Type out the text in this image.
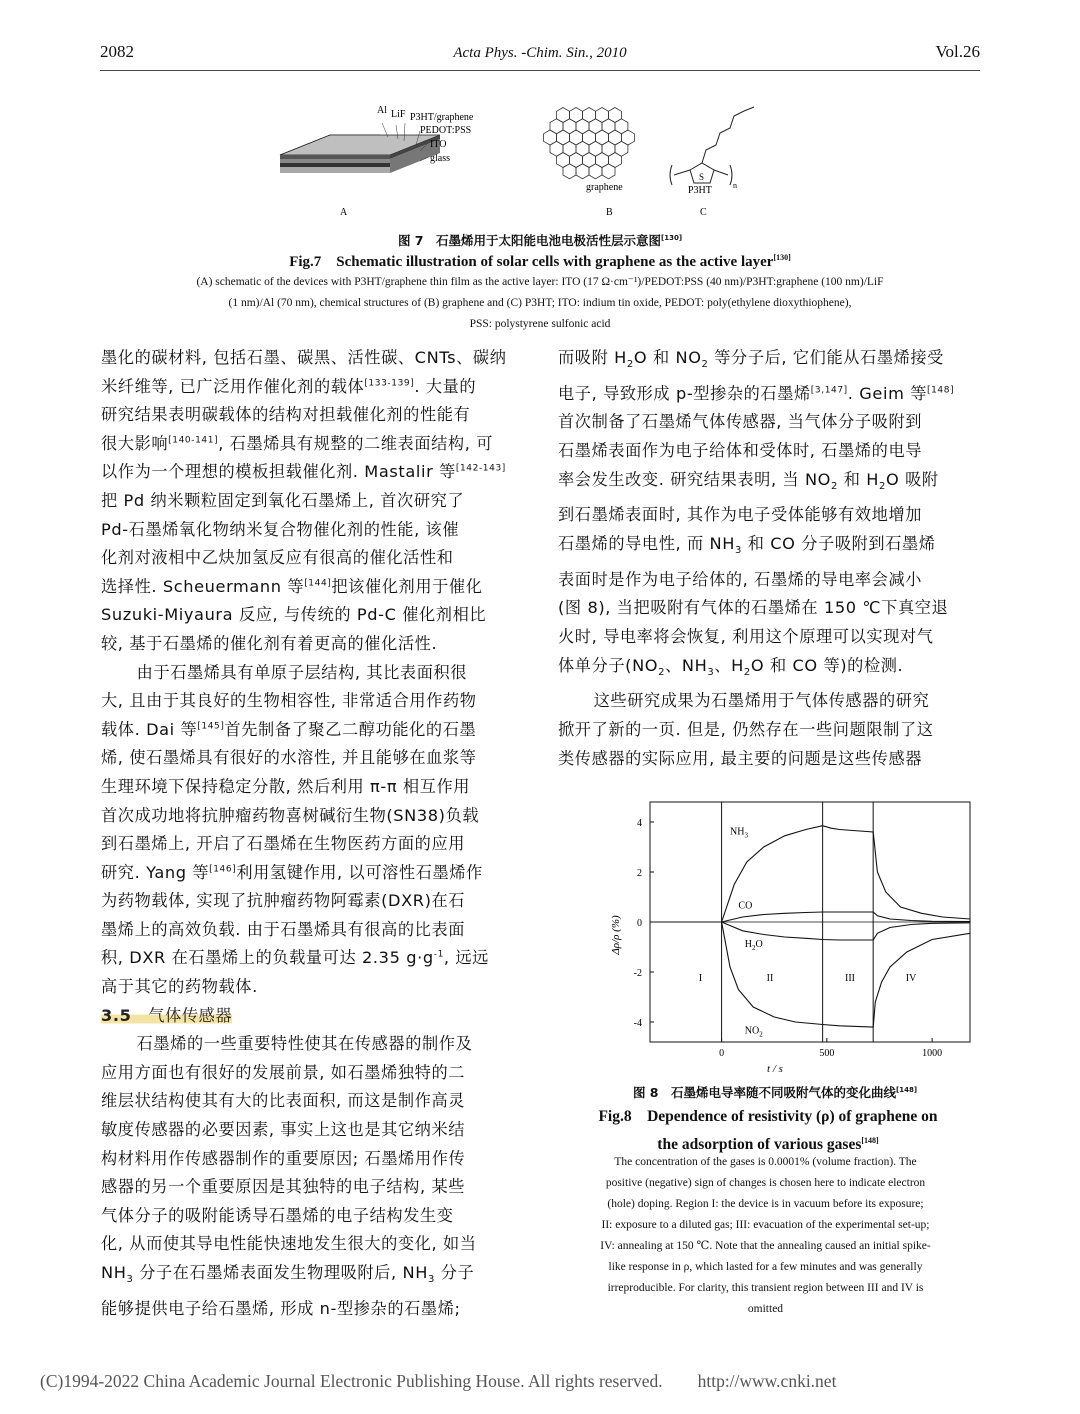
2082	Acta Phys. -Chim. Sin., 2010	Vol.26
Al LiF P3HT/graphene
PEDOT:PSS
ITO
glass
A
graphene
B
S
n
P3HT
C
图 7　石墨烯用于太阳能电池电极活性层示意图[130]
Fig.7　Schematic illustration of solar cells with graphene as the active layer[130]
(A) schematic of the devices with P3HT/graphene thin film as the active layer: ITO (17 Ω·cm⁻¹)/PEDOT:PSS (40 nm)/P3HT:graphene (100 nm)/LiF
(1 nm)/Al (70 nm), chemical structures of (B) graphene and (C) P3HT; ITO: indium tin oxide, PEDOT: poly(ethylene dioxythiophene),
PSS: polystyrene sulfonic acid

墨化的碳材料, 包括石墨、碳黑、活性碳、CNTs、碳纳

米纤维等, 已广泛用作催化剂的载体[133-139]. 大量的

研究结果表明碳载体的结构对担载催化剂的性能有

很大影响[140-141], 石墨烯具有规整的二维表面结构, 可

以作为一个理想的模板担载催化剂. Mastalir 等[142-143]

把 Pd 纳米颗粒固定到氧化石墨烯上, 首次研究了

Pd-石墨烯氧化物纳米复合物催化剂的性能, 该催

化剂对液相中乙炔加氢反应有很高的催化活性和

选择性. Scheuermann 等[144]把该催化剂用于催化

Suzuki-Miyaura 反应, 与传统的 Pd-C 催化剂相比

较, 基于石墨烯的催化剂有着更高的催化活性.

由于石墨烯具有单原子层结构, 其比表面积很

大, 且由于其良好的生物相容性, 非常适合用作药物

载体. Dai 等[145]首先制备了聚乙二醇功能化的石墨

烯, 使石墨烯具有很好的水溶性, 并且能够在血浆等

生理环境下保持稳定分散, 然后利用 π-π 相互作用

首次成功地将抗肿瘤药物喜树碱衍生物(SN38)负载

到石墨烯上, 开启了石墨烯在生物医药方面的应用

研究. Yang 等[146]利用氢键作用, 以可溶性石墨烯作

为药物载体, 实现了抗肿瘤药物阿霉素(DXR)在石

墨烯上的高效负载. 由于石墨烯具有很高的比表面

积, DXR 在石墨烯上的负载量可达 2.35 $g\cdot g^{-1}$, 远远

高于其它的药物载体.

3.5　 气体传感器

石墨烯的一些重要特性使其在传感器的制作及

应用方面也有很好的发展前景, 如石墨烯独特的二

维层状结构使其有大的比表面积, 而这是制作高灵

敏度传感器的必要因素, 事实上这也是其它纳米结

构材料用作传感器制作的重要原因; 石墨烯用作传

感器的另一个重要原因是其独特的电子结构, 某些

气体分子的吸附能诱导石墨烯的电子结构发生变

化, 从而使其导电性能快速地发生很大的变化, 如当

$NH_3$ 分子在石墨烯表面发生物理吸附后, $NH_3$ 分子

能够提供电子给石墨烯, 形成 n-型掺杂的石墨烯;

而吸附 $H_2O$ 和 $NO_2$ 等分子后, 它们能从石墨烯接受

电子, 导致形成 p-型掺杂的石墨烯[3,147]. Geim 等[148]

首次制备了石墨烯气体传感器, 当气体分子吸附到

石墨烯表面作为电子给体和受体时, 石墨烯的电导

率会发生改变. 研究结果表明, 当 $NO_2$ 和 $H_2O$ 吸附

到石墨烯表面时, 其作为电子受体能够有效地增加

石墨烯的导电性, 而 $NH_3$ 和 CO 分子吸附到石墨烯

表面时是作为电子给体的, 石墨烯的导电率会减小

(图 8), 当把吸附有气体的石墨烯在 150 ℃下真空退

火时, 导电率将会恢复, 利用这个原理可以实现对气

体单分子($NO_2$、$NH_3$、$H_2O$ 和 CO 等)的检测.

这些研究成果为石墨烯用于气体传感器的研究

掀开了新的一页. 但是, 仍然存在一些问题限制了这

类传感器的实际应用, 最主要的问题是这些传感器

Δρ/ρ (%)
t / s
-4
-2
0
2
4
0	500	1000
I	II	III	IV
$NH_3$
CO
$H_2O$
$NO_2$
图 8　石墨烯电导率随不同吸附气体的变化曲线[148]
Fig.8　Dependence of resistivity (ρ) of graphene on
the adsorption of various gases[148]
The concentration of the gases is 0.0001% (volume fraction). The
positive (negative) sign of changes is chosen here to indicate electron
(hole) doping. Region I: the device is in vacuum before its exposure;
II: exposure to a diluted gas; III: evacuation of the experimental set-up;
IV: annealing at 150 ℃. Note that the annealing caused an initial spike-
like response in ρ, which lasted for a few minutes and was generally
irreproducible. For clarity, this transient region between III and IV is
omitted
(C)1994-2022 China Academic Journal Electronic Publishing House. All rights reserved.　　http://www.cnki.net
